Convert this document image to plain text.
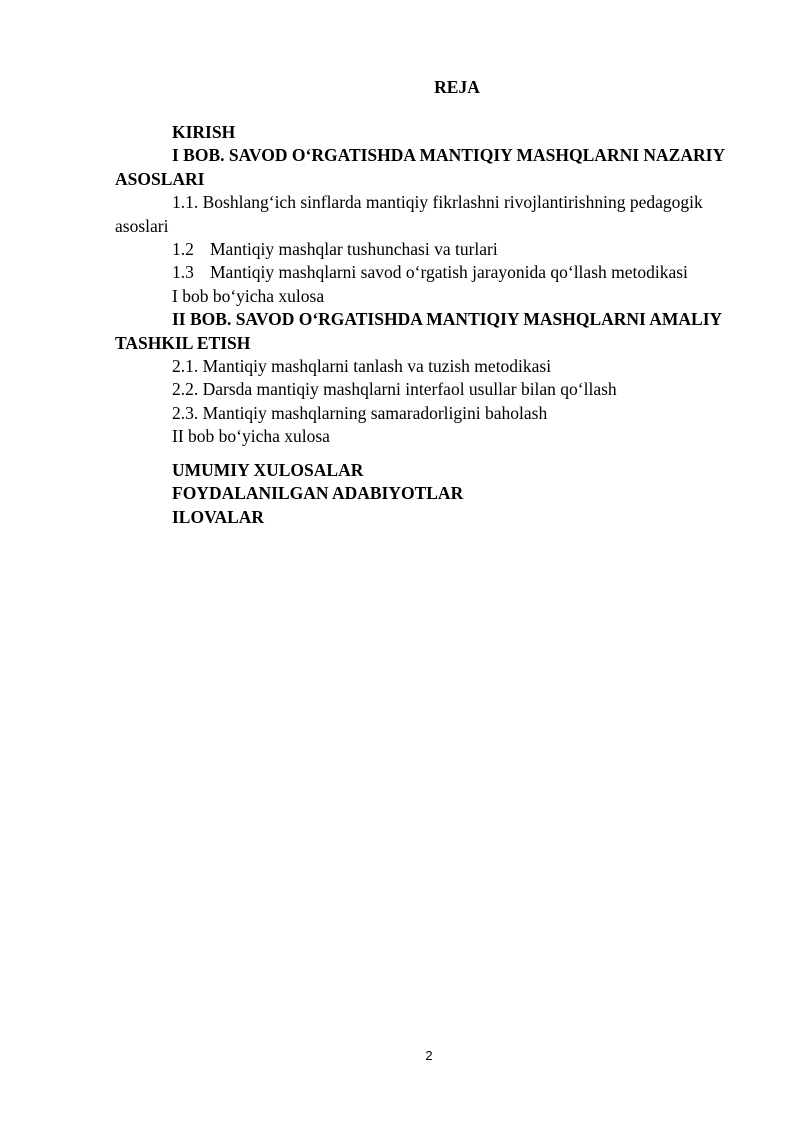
REJA
KIRISH
I BOB. SAVOD O‘RGATISHDA MANTIQIY MASHQLARNI NAZARIY ASOSLARI
1.1. Boshlang‘ich sinflarda mantiqiy fikrlashni rivojlantirishning pedagogik asoslari
1.2 Mantiqiy mashqlar tushunchasi va turlari
1.3 Mantiqiy mashqlarni savod o‘rgatish jarayonida qo‘llash metodikasi
I bob bo‘yicha xulosa
II BOB. SAVOD O‘RGATISHDA MANTIQIY MASHQLARNI AMALIY TASHKIL ETISH
2.1. Mantiqiy mashqlarni tanlash va tuzish metodikasi
2.2. Darsda mantiqiy mashqlarni interfaol usullar bilan qo‘llash
2.3. Mantiqiy mashqlarning samaradorligini baholash
II bob bo‘yicha xulosa
UMUMIY XULOSALAR
FOYDALANILGAN ADABIYOTLAR
ILOVALAR
2
